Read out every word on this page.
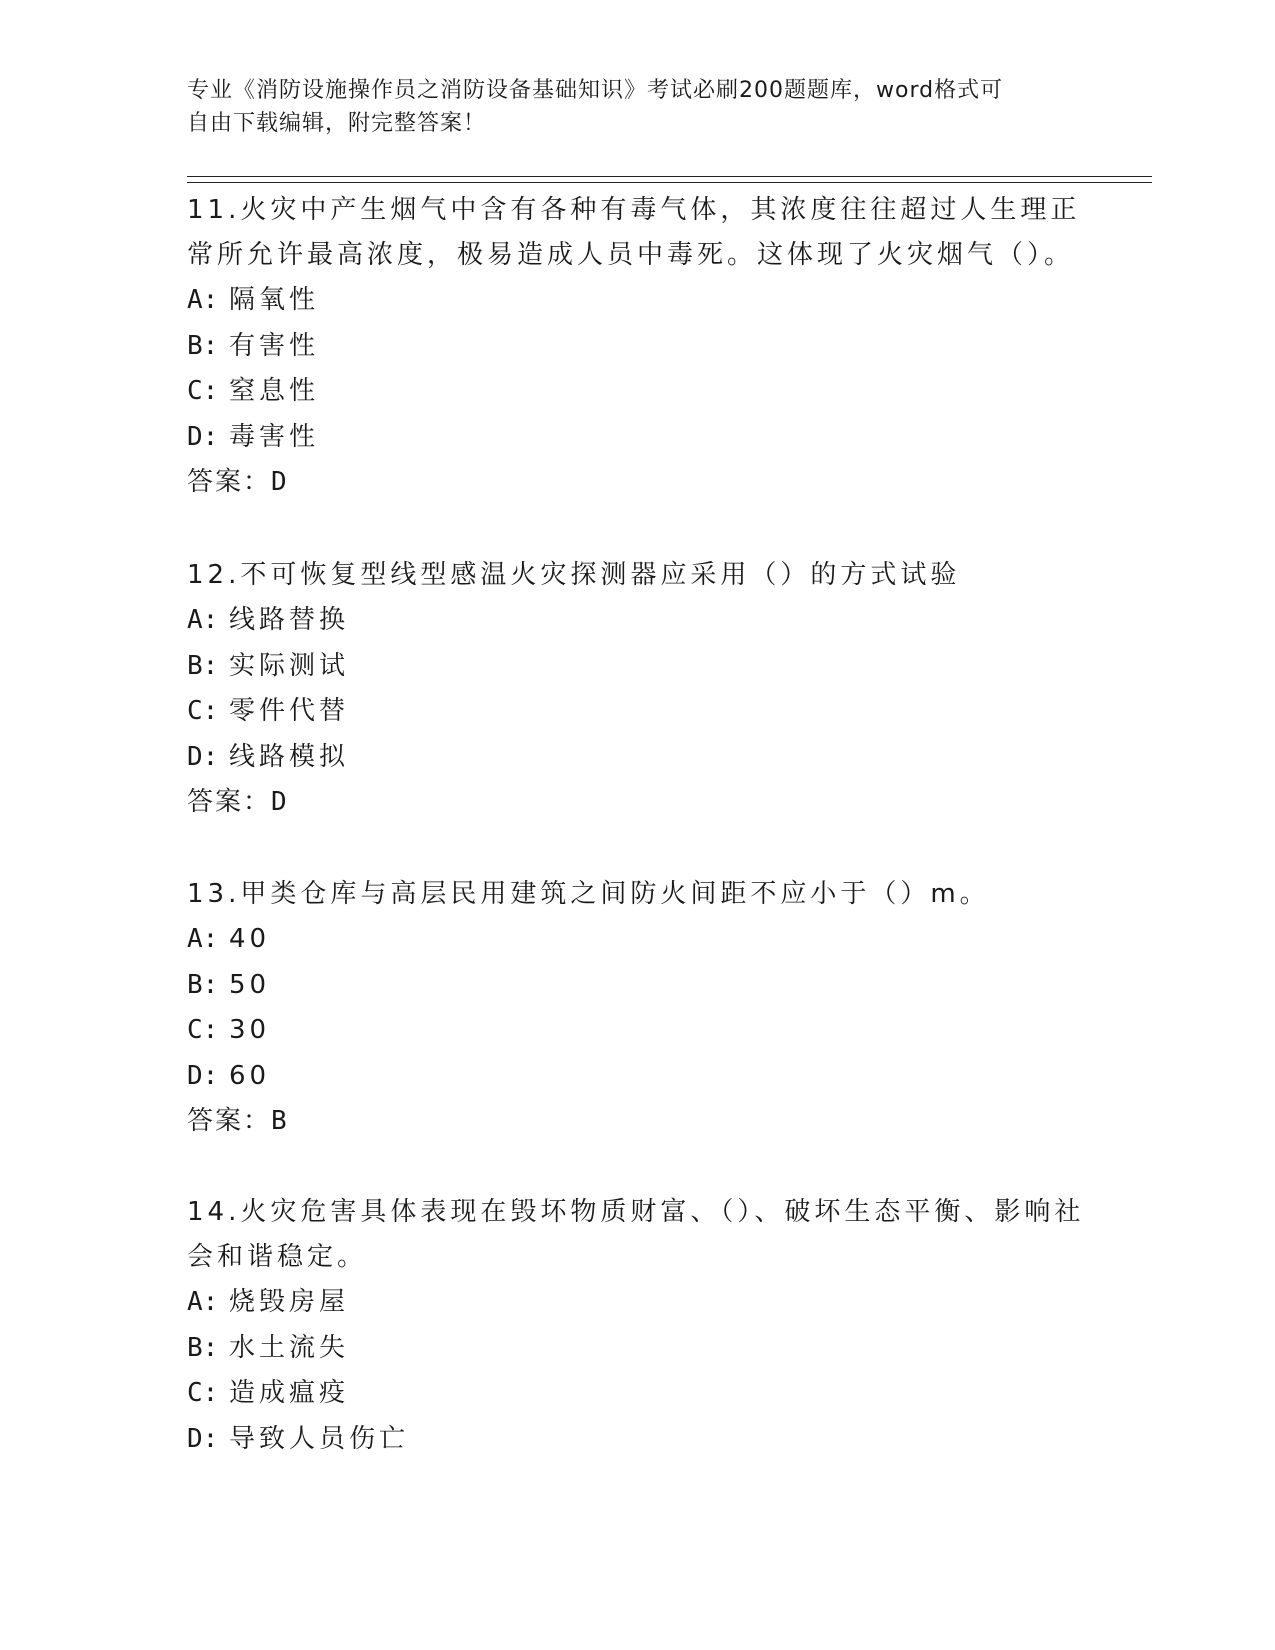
专业《消防设施操作员之消防设备基础知识》考试必刷200题题库，word格式可
自由下载编辑，附完整答案！
11.火灾中产生烟气中含有各种有毒气体，其浓度往往超过人生理正常所允许最高浓度，极易造成人员中毒死。这体现了火灾烟气（）。
A: 隔氧性
B: 有害性
C: 窒息性
D: 毒害性
答案：D
12.不可恢复型线型感温火灾探测器应采用（）的方式试验
A: 线路替换
B: 实际测试
C: 零件代替
D: 线路模拟
答案：D
13.甲类仓库与高层民用建筑之间防火间距不应小于（）m。
A: 40
B: 50
C: 30
D: 60
答案：B
14.火灾危害具体表现在毁坏物质财富、（）、破坏生态平衡、影响社会和谐稳定。
A: 烧毁房屋
B: 水土流失
C: 造成瘟疫
D: 导致人员伤亡
